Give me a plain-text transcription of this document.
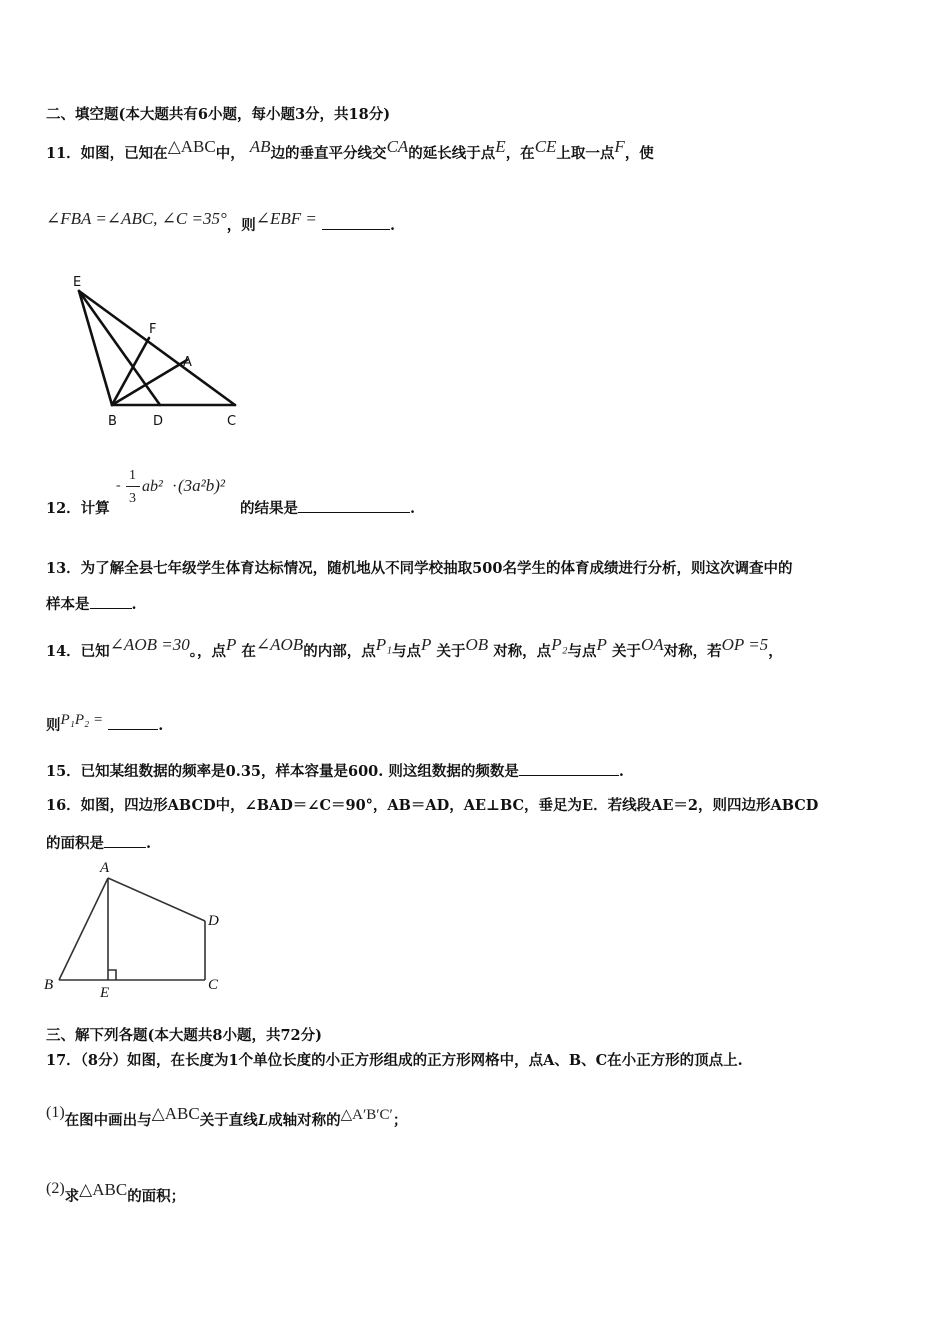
二、填空题(本大题共有6小题，每小题3分，共18分)
11．如图，已知在△ABC中， AB边的垂直平分线交CA的延长线于点E，在CE上取一点F，使
∠FBA =∠ABC, ∠C =35°，则∠EBF =	.
E
F
A
B	D	C
12．计算
-
1
3
ab² · (3a²b)²
的结果是	.
13．为了解全县七年级学生体育达标情况，随机地从不同学校抽取500名学生的体育成绩进行分析，则这次调查中的
样本是	.
14．已知∠AOB =30。，点P 在∠AOB的内部，点P₁与点P 关于OB 对称，点P₂与点P 关于OA对称，若OP =5，
则P₁P₂ =	.
15．已知某组数据的频率是0.35，样本容量是600. 则这组数据的频数是	.
16．如图，四边形ABCD中，∠BAD＝∠C＝90°，AB＝AD，AE⊥BC，垂足为E．若线段AE＝2，则四边形ABCD
的面积是	.
A
B	E	C
D
三、解下列各题(本大题共8小题，共72分)
17．（8分）如图，在长度为1个单位长度的小正方形组成的正方形网格中，点A、B、C在小正方形的顶点上.
(1)在图中画出与△ABC关于直线L成轴对称的△A′B′C′；
(2)求△ABC的面积；
